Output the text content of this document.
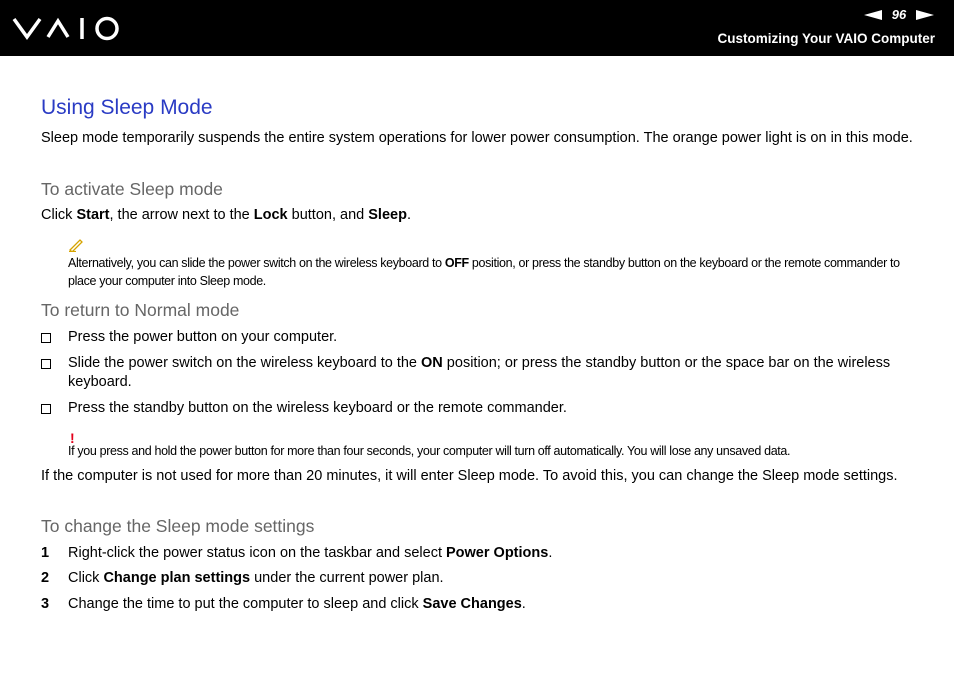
96
Customizing Your VAIO Computer
Using Sleep Mode
Sleep mode temporarily suspends the entire system operations for lower power consumption. The orange power light is on in this mode.
To activate Sleep mode
Click Start, the arrow next to the Lock button, and Sleep.
Alternatively, you can slide the power switch on the wireless keyboard to OFF position, or press the standby button on the keyboard or the remote commander to place your computer into Sleep mode.
To return to Normal mode
Press the power button on your computer.
Slide the power switch on the wireless keyboard to the ON position; or press the standby button or the space bar on the wireless keyboard.
Press the standby button on the wireless keyboard or the remote commander.
!
If you press and hold the power button for more than four seconds, your computer will turn off automatically. You will lose any unsaved data.
If the computer is not used for more than 20 minutes, it will enter Sleep mode. To avoid this, you can change the Sleep mode settings.
To change the Sleep mode settings
1 Right-click the power status icon on the taskbar and select Power Options.
2 Click Change plan settings under the current power plan.
3 Change the time to put the computer to sleep and click Save Changes.
